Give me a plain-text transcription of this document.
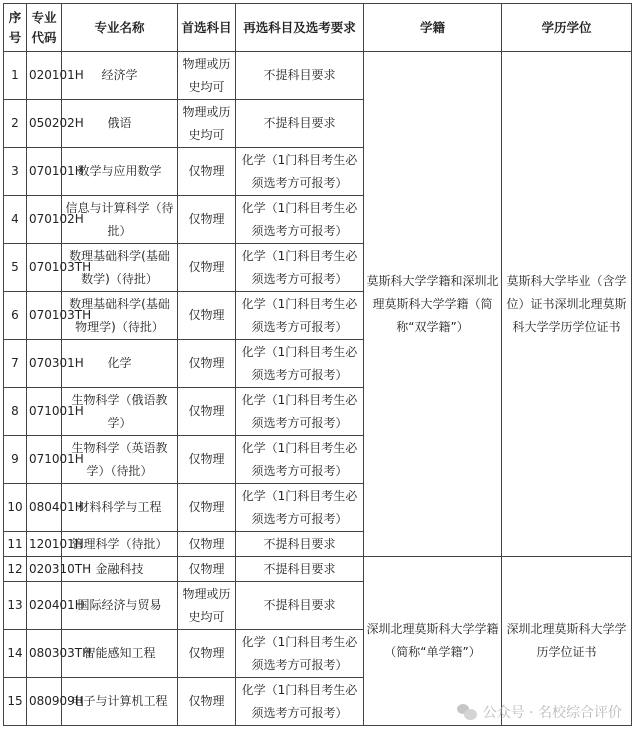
序号	专业代码	专业名称	首选科目	再选科目及选考要求	学籍	学历学位
1	020101H	经济学	物理或历史均可	不提科目要求	莫斯科大学学籍和深圳北理莫斯科大学学籍（简称“双学籍”）	莫斯科大学毕业（含学位）证书深圳北理莫斯科大学学历学位证书
2	050202H	俄语	物理或历史均可	不提科目要求		
3	070101H	数学与应用数学	仅物理	化学（1门科目考生必须选考方可报考）		
4	070102H	信息与计算科学（待批）	仅物理	化学（1门科目考生必须选考方可报考）		
5	070103TH	数理基础科学(基础数学)（待批）	仅物理	化学（1门科目考生必须选考方可报考）		
6	070103TH	数理基础科学(基础物理学)（待批）	仅物理	化学（1门科目考生必须选考方可报考）		
7	070301H	化学	仅物理	化学（1门科目考生必须选考方可报考）		
8	071001H	生物科学（俄语教学）	仅物理	化学（1门科目考生必须选考方可报考）		
9	071001H	生物科学（英语教学）（待批）	仅物理	化学（1门科目考生必须选考方可报考）		
10	080401H	材料科学与工程	仅物理	化学（1门科目考生必须选考方可报考）		
11	120101H	管理科学（待批）	仅物理	不提科目要求		
12	020310TH	金融科技	仅物理	不提科目要求	深圳北理莫斯科大学学籍（简称“单学籍”）	深圳北理莫斯科大学学历学位证书
13	020401H	国际经济与贸易	物理或历史均可	不提科目要求		
14	080303TH	智能感知工程	仅物理	化学（1门科目考生必须选考方可报考）		
15	080909H	电子与计算机工程	仅物理	化学（1门科目考生必须选考方可报考）			公众号 · 名校综合评价
